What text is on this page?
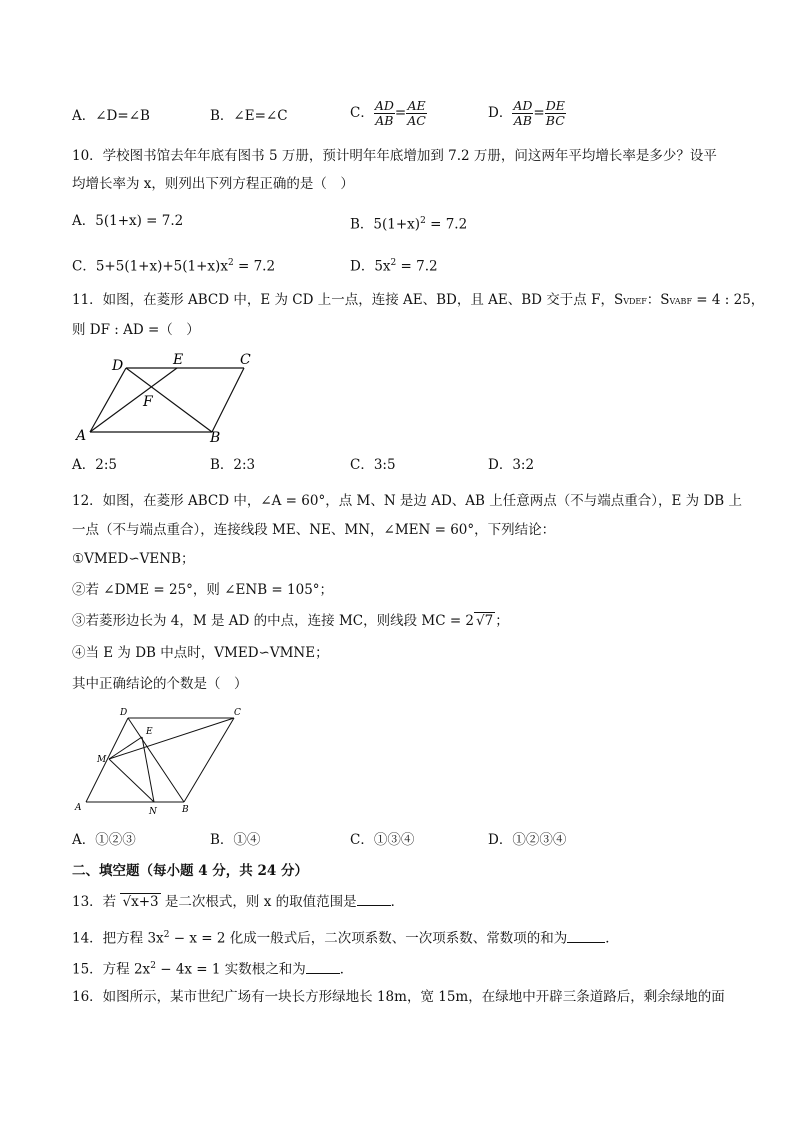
A．∠D=∠B	B．∠E=∠C	C． $\frac{AD}{AB} = \frac{AE}{AC}$	D． $\frac{AD}{AB} = \frac{DE}{BC}$
10．学校图书馆去年年底有图书 5 万册，预计明年年底增加到 7.2 万册，问这两年平均增长率是多少？设平
均增长率为 x，则列出下列方程正确的是（　）
A．5(1+x) = 7.2	B．$5(1+x)^2 = 7.2$
C．$5+5(1+x)+5(1+x)x^2 = 7.2$	D．$5x^2 = 7.2$
11．如图，在菱形 ABCD 中，E 为 CD 上一点，连接 AE、BD，且 AE、BD 交于点 F，SVDEF：SVABF = 4 : 25，
则 DF : AD =（　）
D	E	C
F
A	B
A．2:5	B．2:3	C．3:5	D．3:2
12．如图，在菱形 ABCD 中，∠A = 60°，点 M、N 是边 AD、AB 上任意两点（不与端点重合），E 为 DB 上
一点（不与端点重合），连接线段 ME、NE、MN，∠MEN = 60°，下列结论：
①VMED∽VENB；
②若 ∠DME = 25°，则 ∠ENB = 105°；
③若菱形边长为 4，M 是 AD 的中点，连接 MC，则线段 MC = 2 √7 ；
④当 E 为 DB 中点时，VMED∽VMNE；
其中正确结论的个数是（　）
D	C
E
M
A	N	B
A．①②③	B．①④	C．①③④	D．①②③④
二、填空题（每小题 4 分，共 24 分）
13．若 √x+3 是二次根式，则 x 的取值范围是	．
14．把方程 $3x^2 - x = 2$ 化成一般式后，二次项系数、一次项系数、常数项的和为	．
15．方程 $2x^2 - 4x = 1$ 实数根之和为	．
16．如图所示，某市世纪广场有一块长方形绿地长 18m，宽 15m，在绿地中开辟三条道路后，剩余绿地的面
